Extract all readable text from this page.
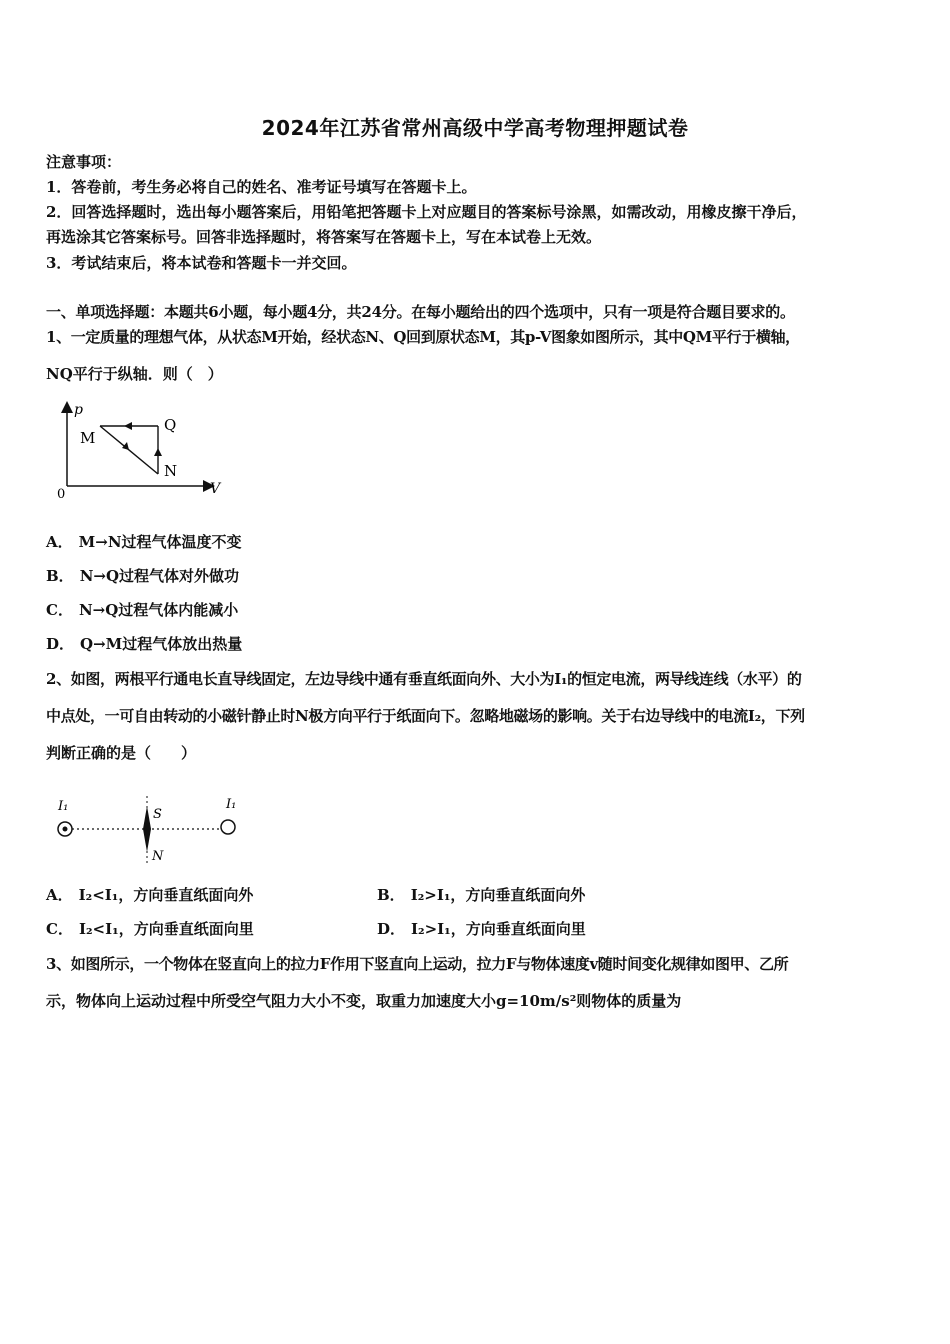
2024年江苏省常州高级中学高考物理押题试卷
注意事项：
1．答卷前，考生务必将自己的姓名、准考证号填写在答题卡上。
2．回答选择题时，选出每小题答案后，用铅笔把答题卡上对应题目的答案标号涂黑，如需改动，用橡皮擦干净后，
再选涂其它答案标号。回答非选择题时，将答案写在答题卡上，写在本试卷上无效。
3．考试结束后，将本试卷和答题卡一并交回。
一、单项选择题：本题共6小题，每小题4分，共24分。在每小题给出的四个选项中，只有一项是符合题目要求的。
1、一定质量的理想气体，从状态M开始，经状态N、Q回到原状态M，其p-V图象如图所示，其中QM平行于横轴，
NQ平行于纵轴．则（　）
p
V
0
M
Q
N
A． M→N过程气体温度不变
B． N→Q过程气体对外做功
C． N→Q过程气体内能减小
D． Q→M过程气体放出热量
2、如图，两根平行通电长直导线固定，左边导线中通有垂直纸面向外、大小为I₁的恒定电流，两导线连线（水平）的
中点处，一可自由转动的小磁针静止时N极方向平行于纸面向下。忽略地磁场的影响。关于右边导线中的电流I₂，下列
判断正确的是（　　）
I₁	I₁
S
N
A． I₂<I₁，方向垂直纸面向外	B． I₂>I₁，方向垂直纸面向外
C． I₂<I₁，方向垂直纸面向里	D． I₂>I₁，方向垂直纸面向里
3、如图所示，一个物体在竖直向上的拉力F作用下竖直向上运动，拉力F与物体速度v随时间变化规律如图甲、乙所
示，物体向上运动过程中所受空气阻力大小不变，取重力加速度大小g=10m/s²则物体的质量为
